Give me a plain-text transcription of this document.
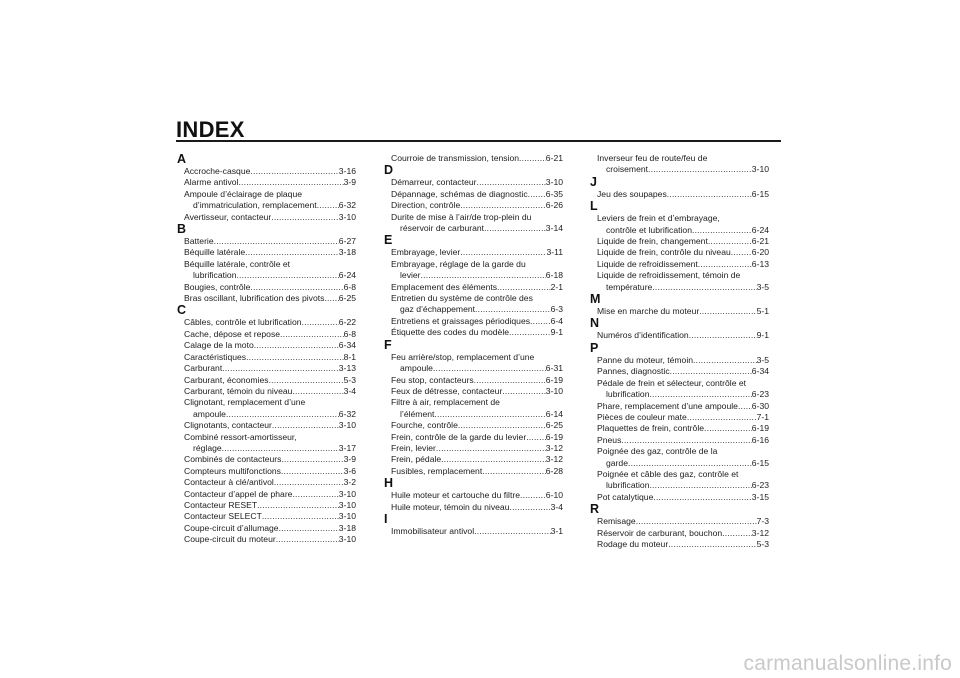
INDEX
A
Accroche-casque .....	3-16
Alarme antivol .....	3-9
Ampoule d’éclairage de plaque
d’immatriculation, remplacement .....	6-32
Avertisseur, contacteur .....	3-10
B
Batterie .....	6-27
Béquille latérale .....	3-18
Béquille latérale, contrôle et
lubrification .....	6-24
Bougies, contrôle .....	6-8
Bras oscillant, lubrification des pivots ..... 6-25
C
Câbles, contrôle et lubrification .....	6-22
Cache, dépose et repose .....	6-8
Calage de la moto .....	6-34
Caractéristiques .....	8-1
Carburant .....	3-13
Carburant, économies .....	5-3
Carburant, témoin du niveau .....	3-4
Clignotant, remplacement d’une
ampoule .....	6-32
Clignotants, contacteur .....	3-10
Combiné ressort-amortisseur,
réglage .....	3-17
Combinés de contacteurs .....	3-9
Compteurs multifonctions .....	3-6
Contacteur à clé/antivol .....	3-2
Contacteur d’appel de phare .....	3-10
Contacteur RESET .....	3-10
Contacteur SELECT .....	3-10
Coupe-circuit d’allumage .....	3-18
Coupe-circuit du moteur .....	3-10
Courroie de transmission, tension .....	6-21
D
Démarreur, contacteur .....	3-10
Dépannage, schémas de diagnostic ..... 6-35
Direction, contrôle .....	6-26
Durite de mise à l’air/de trop-plein du
réservoir de carburant .....	3-14
E
Embrayage, levier .....	3-11
Embrayage, réglage de la garde du
levier .....	6-18
Emplacement des éléments .....	2-1
Entretien du système de contrôle des
gaz d’échappement .....	6-3
Entretiens et graissages périodiques ..... 6-4
Étiquette des codes du modèle .....	9-1
F
Feu arrière/stop, remplacement d’une
ampoule .....	6-31
Feu stop, contacteurs .....	6-19
Feux de détresse, contacteur .....	3-10
Filtre à air, remplacement de
l’élément .....	6-14
Fourche, contrôle .....	6-25
Frein, contrôle de la garde du levier ..... 6-19
Frein, levier .....	3-12
Frein, pédale .....	3-12
Fusibles, remplacement .....	6-28
H
Huile moteur et cartouche du filtre .....	6-10
Huile moteur, témoin du niveau .....	3-4
I
Immobilisateur antivol .....	3-1
Inverseur feu de route/feu de
croisement .....	3-10
J
Jeu des soupapes .....	6-15
L
Leviers de frein et d’embrayage,
contrôle et lubrification .....	6-24
Liquide de frein, changement .....	6-21
Liquide de frein, contrôle du niveau ..... 6-20
Liquide de refroidissement .....	6-13
Liquide de refroidissement, témoin de
température .....	3-5
M
Mise en marche du moteur .....	5-1
N
Numéros d’identification .....	9-1
P
Panne du moteur, témoin .....	3-5
Pannes, diagnostic .....	6-34
Pédale de frein et sélecteur, contrôle et
lubrification .....	6-23
Phare, remplacement d’une ampoule ..... 6-30
Pièces de couleur mate .....	7-1
Plaquettes de frein, contrôle .....	6-19
Pneus .....	6-16
Poignée des gaz, contrôle de la
garde .....	6-15
Poignée et câble des gaz, contrôle et
lubrification .....	6-23
Pot catalytique .....	3-15
R
Remisage .....	7-3
Réservoir de carburant, bouchon .....	3-12
Rodage du moteur .....	5-3
carmanualsonline.info
